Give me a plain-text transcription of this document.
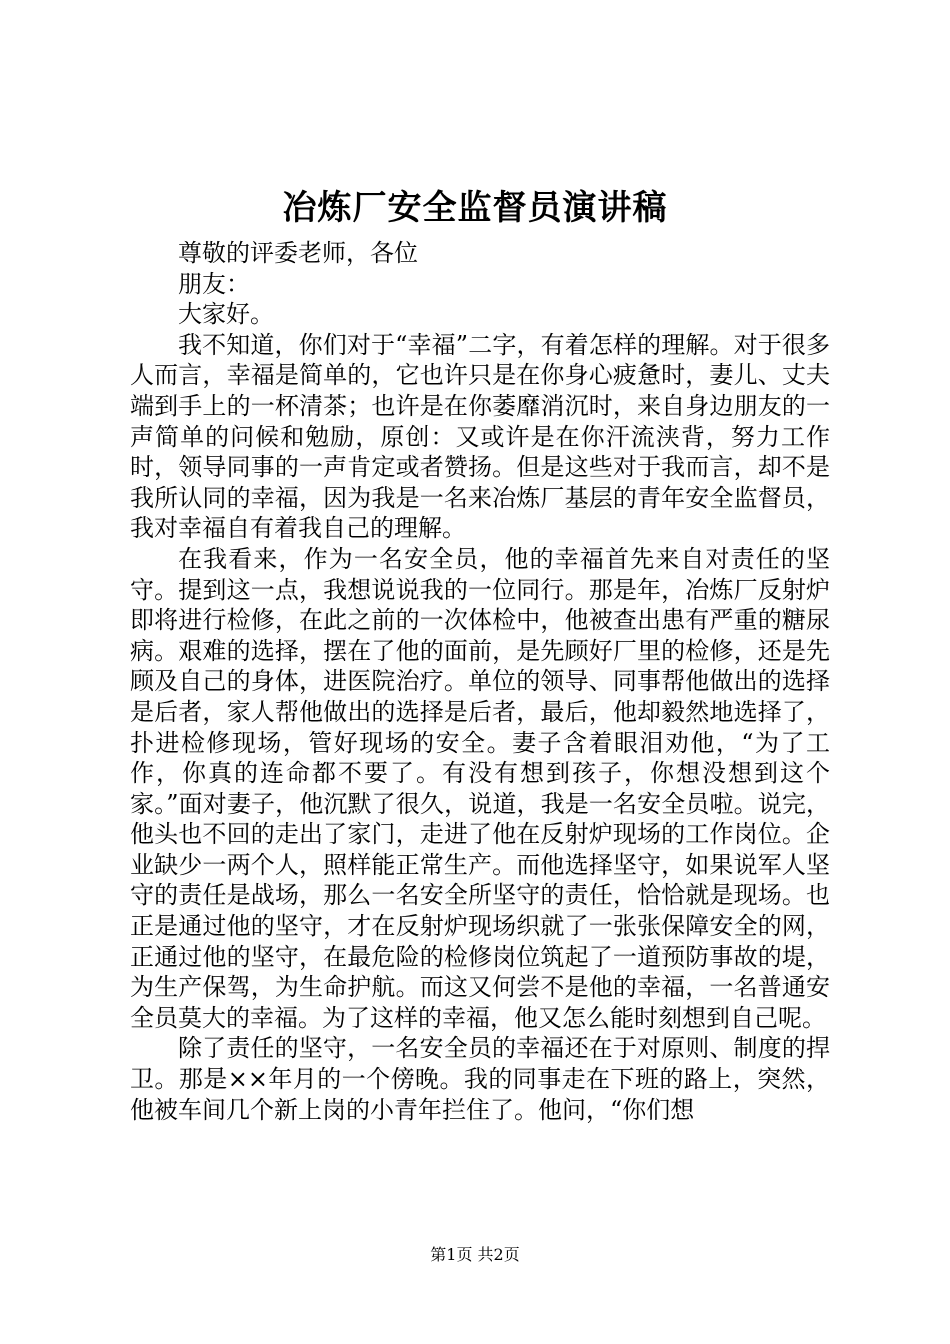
冶炼厂安全监督员演讲稿

尊敬的评委老师，各位

朋友：

大家好。

我不知道，你们对于“幸福”二字，有着怎样的理解。对于很多人而言，幸福是简单的，它也许只是在你身心疲惫时，妻儿、丈夫端到手上的一杯清茶；也许是在你萎靡消沉时，来自身边朋友的一声简单的问候和勉励，原创：又或许是在你汗流浃背，努力工作时，领导同事的一声肯定或者赞扬。但是这些对于我而言，却不是我所认同的幸福，因为我是一名来冶炼厂基层的青年安全监督员，我对幸福自有着我自己的理解。

在我看来，作为一名安全员，他的幸福首先来自对责任的坚守。提到这一点，我想说说我的一位同行。那是年，冶炼厂反射炉即将进行检修，在此之前的一次体检中，他被查出患有严重的糖尿病。艰难的选择，摆在了他的面前，是先顾好厂里的检修，还是先顾及自己的身体，进医院治疗。单位的领导、同事帮他做出的选择是后者，家人帮他做出的选择是后者，最后，他却毅然地选择了，扑进检修现场，管好现场的安全。妻子含着眼泪劝他，“为了工作，你真的连命都不要了。有没有想到孩子，你想没想到这个家。”面对妻子，他沉默了很久，说道，我是一名安全员啦。说完，他头也不回的走出了家门，走进了他在反射炉现场的工作岗位。企业缺少一两个人，照样能正常生产。而他选择坚守，如果说军人坚守的责任是战场，那么一名安全所坚守的责任，恰恰就是现场。也正是通过他的坚守，才在反射炉现场织就了一张张保障安全的网，正通过他的坚守，在最危险的检修岗位筑起了一道预防事故的堤，为生产保驾，为生命护航。而这又何尝不是他的幸福，一名普通安全员莫大的幸福。为了这样的幸福，他又怎么能时刻想到自己呢。

除了责任的坚守，一名安全员的幸福还在于对原则、制度的捍卫。那是××年月的一个傍晚。我的同事走在下班的路上，突然，他被车间几个新上岗的小青年拦住了。他问，“你们想

第1页 共2页
